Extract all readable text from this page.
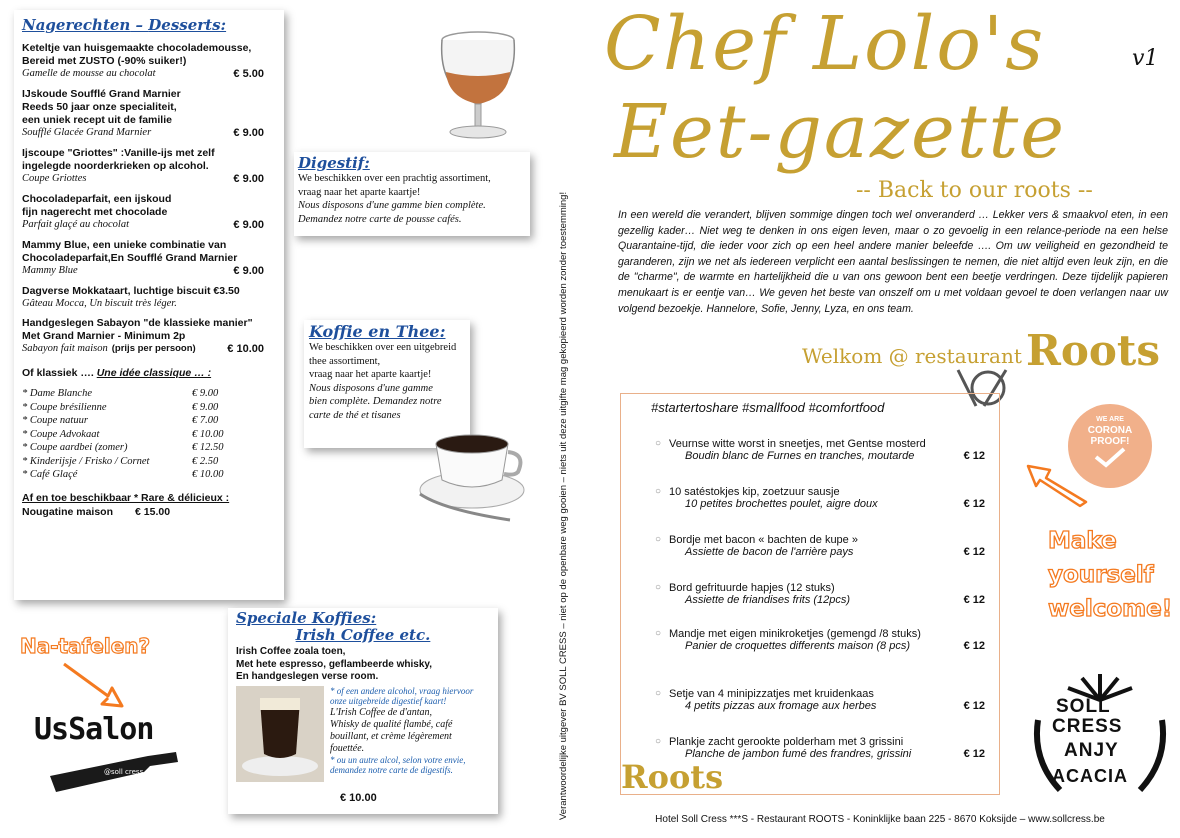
Nagerechten – Desserts:
Keteltje van huisgemaakte chocolademousse,
Bereid met ZUSTO (-90% suiker!)
Gamelle de mousse au chocolat	€ 5.00
IJskoude Soufflé Grand Marnier
Reeds 50 jaar onze specialiteit,
een uniek recept uit de familie
Soufflé Glacée Grand Marnier	€ 9.00
Ijscoupe "Griottes" :Vanille-ijs met zelf
ingelegde noorderkrieken op alcohol.
Coupe Griottes	€ 9.00
Chocoladeparfait, een ijskoud
fijn nagerecht met chocolade
Parfait glaçé au chocolat	€ 9.00
Mammy Blue, een unieke combinatie van
Chocoladeparfait,En Soufflé Grand Marnier
Mammy Blue	€ 9.00
Dagverse Mokkataart, luchtige biscuit €3.50
Gâteau Mocca, Un biscuit très léger.
Handgeslegen Sabayon "de klassieke manier"
Met Grand Marnier - Minimum 2p
Sabayon fait maison (prijs per persoon)	€ 10.00
Of klassiek …. Une idée classique … :
* Dame Blanche	€ 9.00
* Coupe brésilienne	€ 9.00
* Coupe natuur	€ 7.00
* Coupe Advokaat	€ 10.00
* Coupe aardbei (zomer)	€ 12.50
* Kinderijsje / Frisko / Cornet	€ 2.50
* Café Glaçé	€ 10.00
Af en toe beschikbaar * Rare & délicieux :
Nougatine maison € 15.00
Digestif:
We beschikken over een prachtig assortiment,
vraag naar het aparte kaartje!
Nous disposons d'une gamme bien complète.
Demandez notre carte de pousse cafés.
Koffie en Thee:
We beschikken over een uitgebreid
thee assortiment,
vraag naar het aparte kaartje!
Nous disposons d'une gamme
bien complète. Demandez notre
carte de thé et tisanes
Speciale Koffies:
Irish Coffee etc.
Irish Coffee zoala toen,
Met hete espresso, geflambeerde whisky,
En handgeslegen verse room.
* of een andere alcohol, vraag hiervoor
onze uitgebreide digestief kaart!
L'Irish Coffee de d'antan,
Whisky de qualité flambé, café
bouillant, et crème légèrement
fouettée.
* ou un autre alcol, selon votre envie,
demandez notre carte de digestifs.
€ 10.00
Na-tafelen?
UsSalon
@soll cress	Verantwoordelijke uitgever BV SOLL CRESS – niet op de openbare weg gooien – niets uit deze uitgifte mag gekopieerd worden zonder toestemming!
Chef Lolo's	v1
Eet-gazette
-- Back to our roots --
In een wereld die verandert, blijven sommige dingen toch wel onveranderd … Lekker vers & smaakvol eten, in een gezellig kader… Niet weg te denken in ons eigen leven, maar o zo gevoelig in een relance-periode na een helse Quarantaine-tijd, die ieder voor zich op een heel andere manier beleefde …. Om uw veiligheid en gezondheid te garanderen, zijn we net als iedereen verplicht een aantal beslissingen te nemen, die niet altijd even leuk zijn, en die de "charme", de warmte en hartelijkheid die u van ons gewoon bent een beetje verdringen. Deze tijdelijk papieren menukaart is er eentje van… We geven het beste van onszelf om u met voldaan gevoel te doen verlangen naar uw volgend bezoekje. Hannelore, Sofie, Jenny, Lyza, en ons team.
Welkom @ restaurant Roots
#startertoshare #smallfood #comfortfood
○ Veurnse witte worst in sneetjes, met Gentse mosterd
Boudin blanc de Furnes en tranches, moutarde	€ 12
○ 10 satéstokjes kip, zoetzuur sausje
10 petites brochettes poulet, aigre doux	€ 12
○ Bordje met bacon « bachten de kupe »
Assiette de bacon de l'arrière pays	€ 12
○ Bord gefrituurde hapjes (12 stuks)
Assiette de friandises frits (12pcs)	€ 12
○ Mandje met eigen minikroketjes (gemengd /8 stuks)
Panier de croquettes differents maison (8 pcs)	€ 12
○ Setje van 4 minipizzatjes met kruidenkaas
4 petits pizzas aux fromage aux herbes	€ 12
○ Plankje zacht gerookte polderham met 3 grissini
Planche de jambon fumé des frandres, grissini	€ 12
Roots
WE ARE
CORONA
PROOF!
Make
yourself
welcome!
SOLL
CRESS
ANJY
ACACIA
Hotel Soll Cress ***S - Restaurant ROOTS - Koninklijke baan 225 - 8670 Koksijde – www.sollcress.be
